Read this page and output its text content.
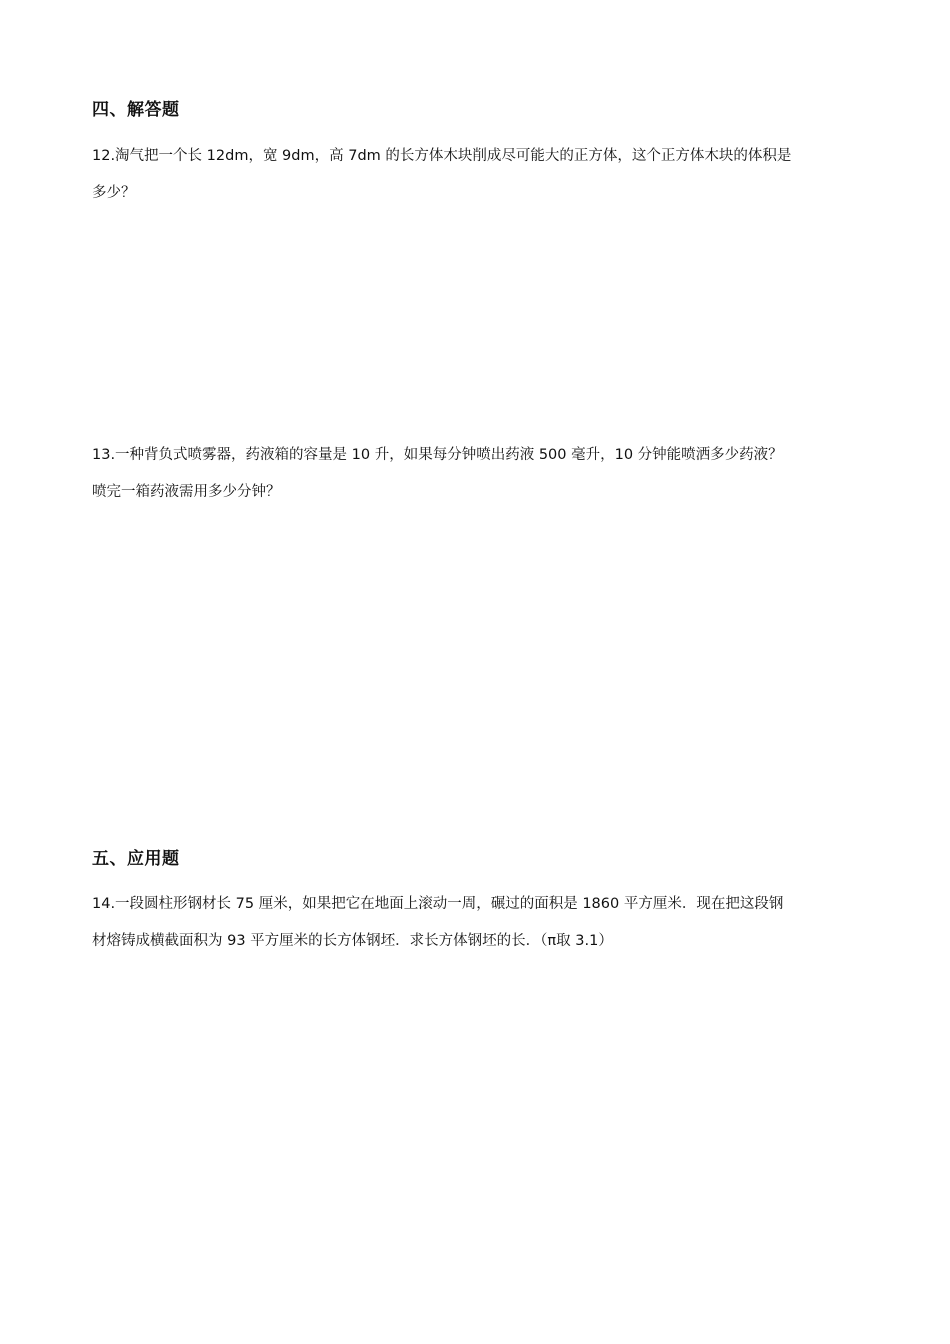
四、解答题
12.淘气把一个长 12dm，宽 9dm，高 7dm 的长方体木块削成尽可能大的正方体，这个正方体木块的体积是
多少？
13.一种背负式喷雾器，药液箱的容量是 10 升，如果每分钟喷出药液 500 毫升，10 分钟能喷洒多少药液？
喷完一箱药液需用多少分钟？
五、应用题
14.一段圆柱形钢材长 75 厘米，如果把它在地面上滚动一周，碾过的面积是 1860 平方厘米．现在把这段钢
材熔铸成横截面积为 93 平方厘米的长方体钢坯．求长方体钢坯的长．（π取 3.1）
